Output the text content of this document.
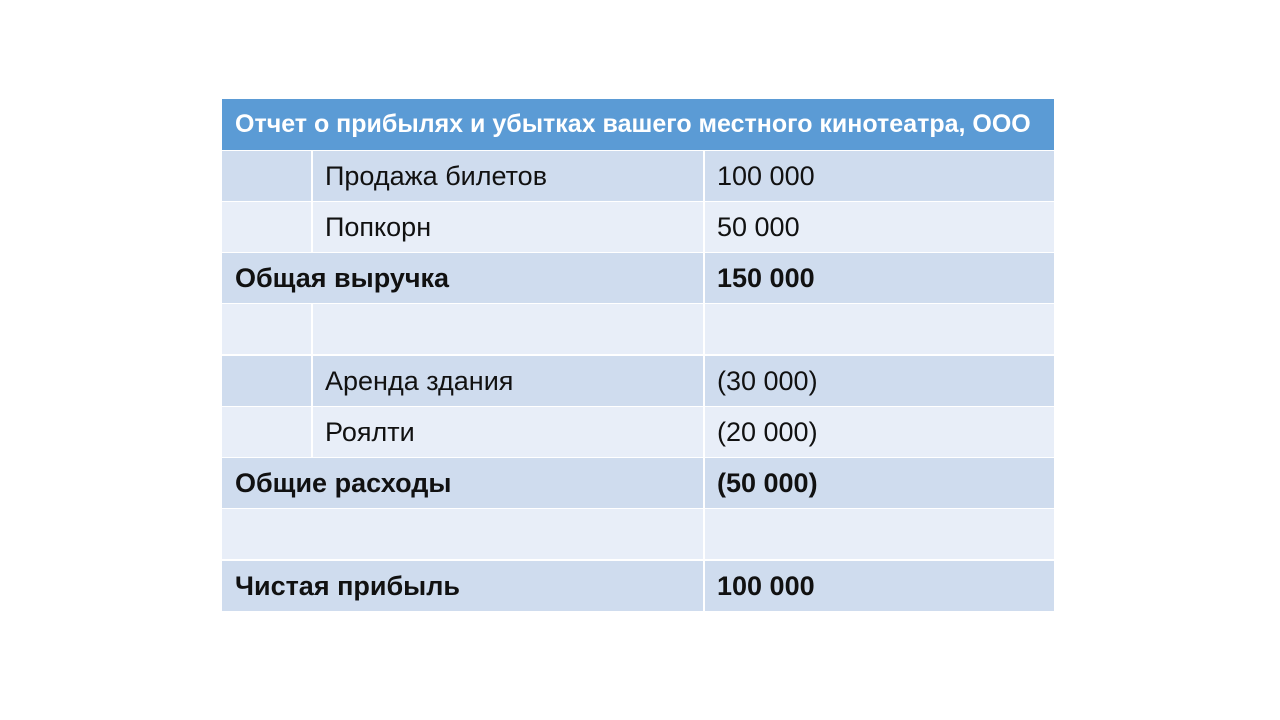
Отчет о прибылях и убытках вашего местного кинотеатра, ООО
Продажа билетов	100 000
Попкорн	50 000
Общая выручка	150 000
Аренда здания	(30 000)
Роялти	(20 000)
Общие расходы	(50 000)
Чистая прибыль	100 000
